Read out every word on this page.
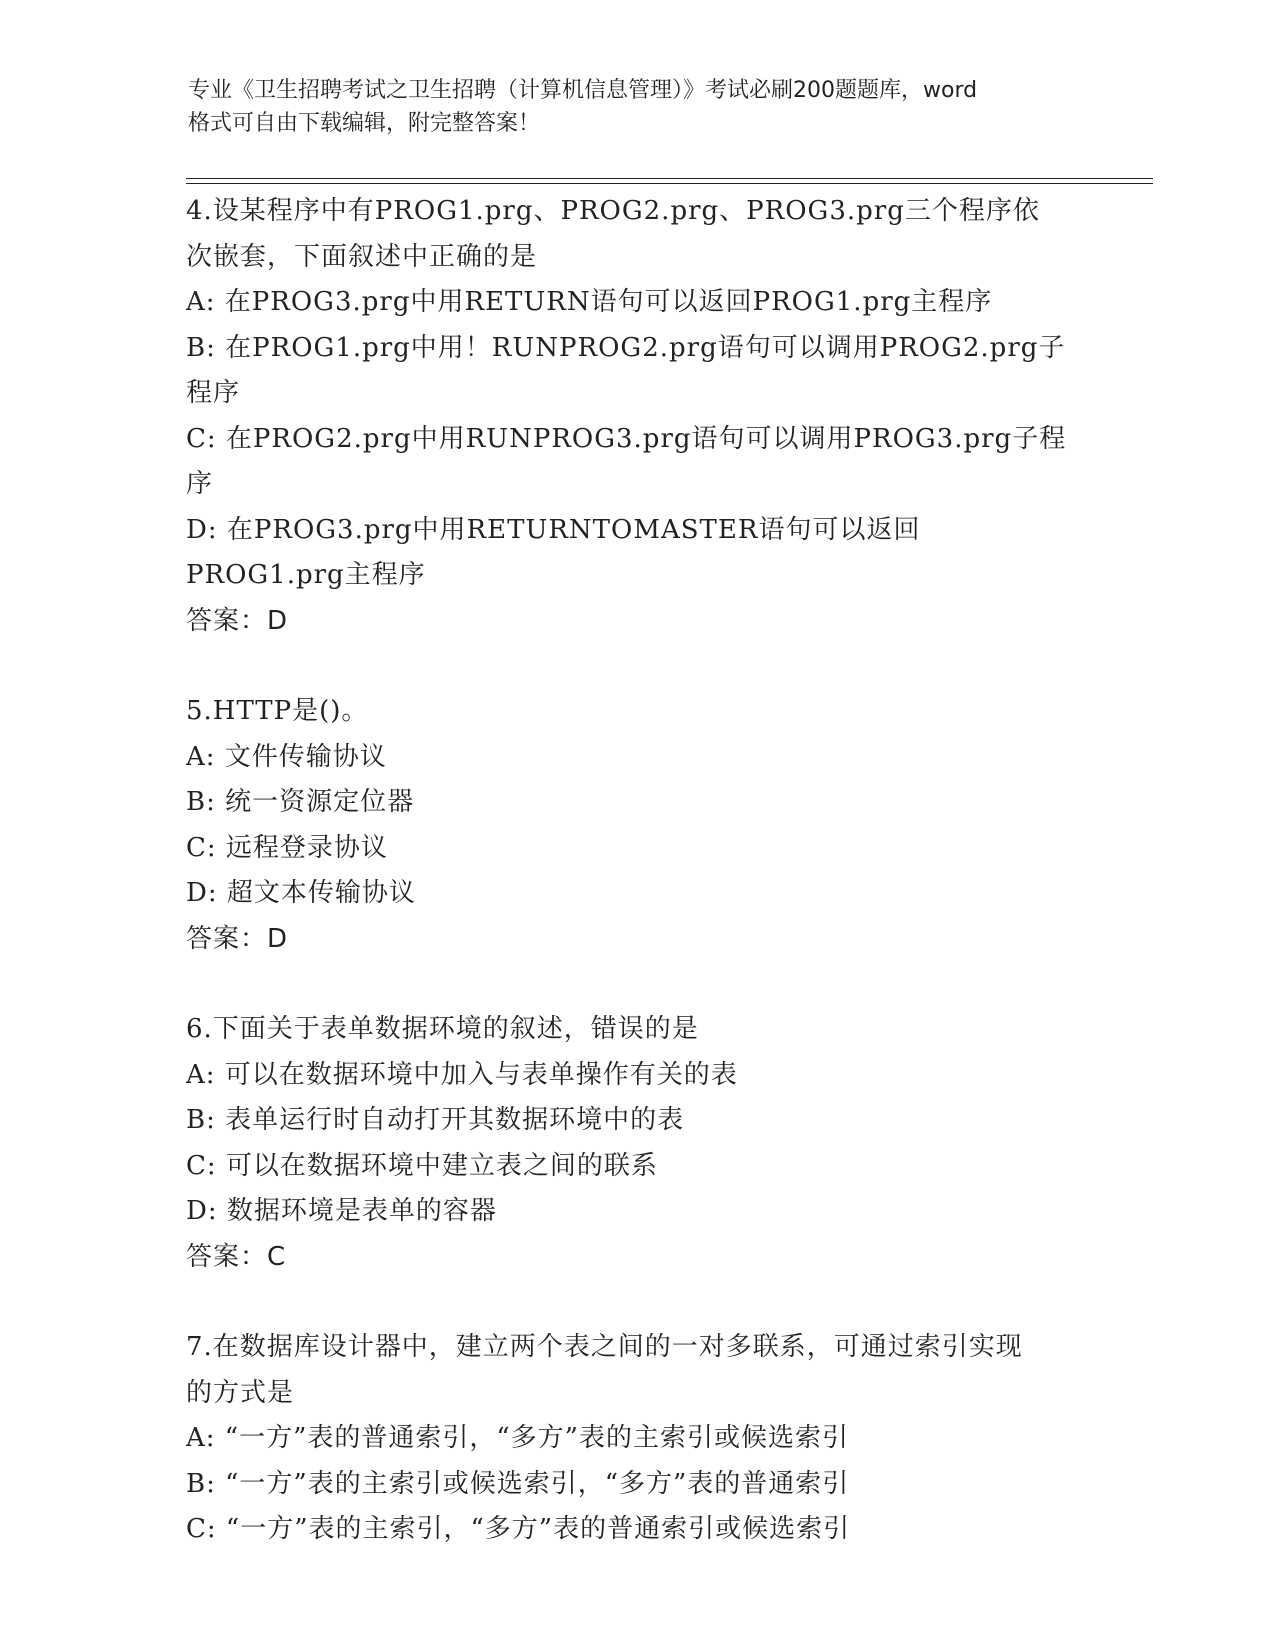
专业《卫生招聘考试之卫生招聘（计算机信息管理）》考试必刷200题题库，word
格式可自由下载编辑，附完整答案！
4.设某程序中有PROG1.prg、PROG2.prg、PROG3.prg三个程序依次嵌套，下面叙述中正确的是
A: 在PROG3.prg中用RETURN语句可以返回PROG1.prg主程序
B: 在PROG1.prg中用！RUNPROG2.prg语句可以调用PROG2.prg子程序
C: 在PROG2.prg中用RUNPROG3.prg语句可以调用PROG3.prg子程序
D: 在PROG3.prg中用RETURNTOMASTER语句可以返回PROG1.prg主程序
答案：D
5.HTTP是()。
A: 文件传输协议
B: 统一资源定位器
C: 远程登录协议
D: 超文本传输协议
答案：D
6.下面关于表单数据环境的叙述，错误的是
A: 可以在数据环境中加入与表单操作有关的表
B: 表单运行时自动打开其数据环境中的表
C: 可以在数据环境中建立表之间的联系
D: 数据环境是表单的容器
答案：C
7.在数据库设计器中，建立两个表之间的一对多联系，可通过索引实现的方式是
A: “一方”表的普通索引，“多方”表的主索引或候选索引
B: “一方”表的主索引或候选索引，“多方”表的普通索引
C: “一方”表的主索引，“多方”表的普通索引或候选索引
